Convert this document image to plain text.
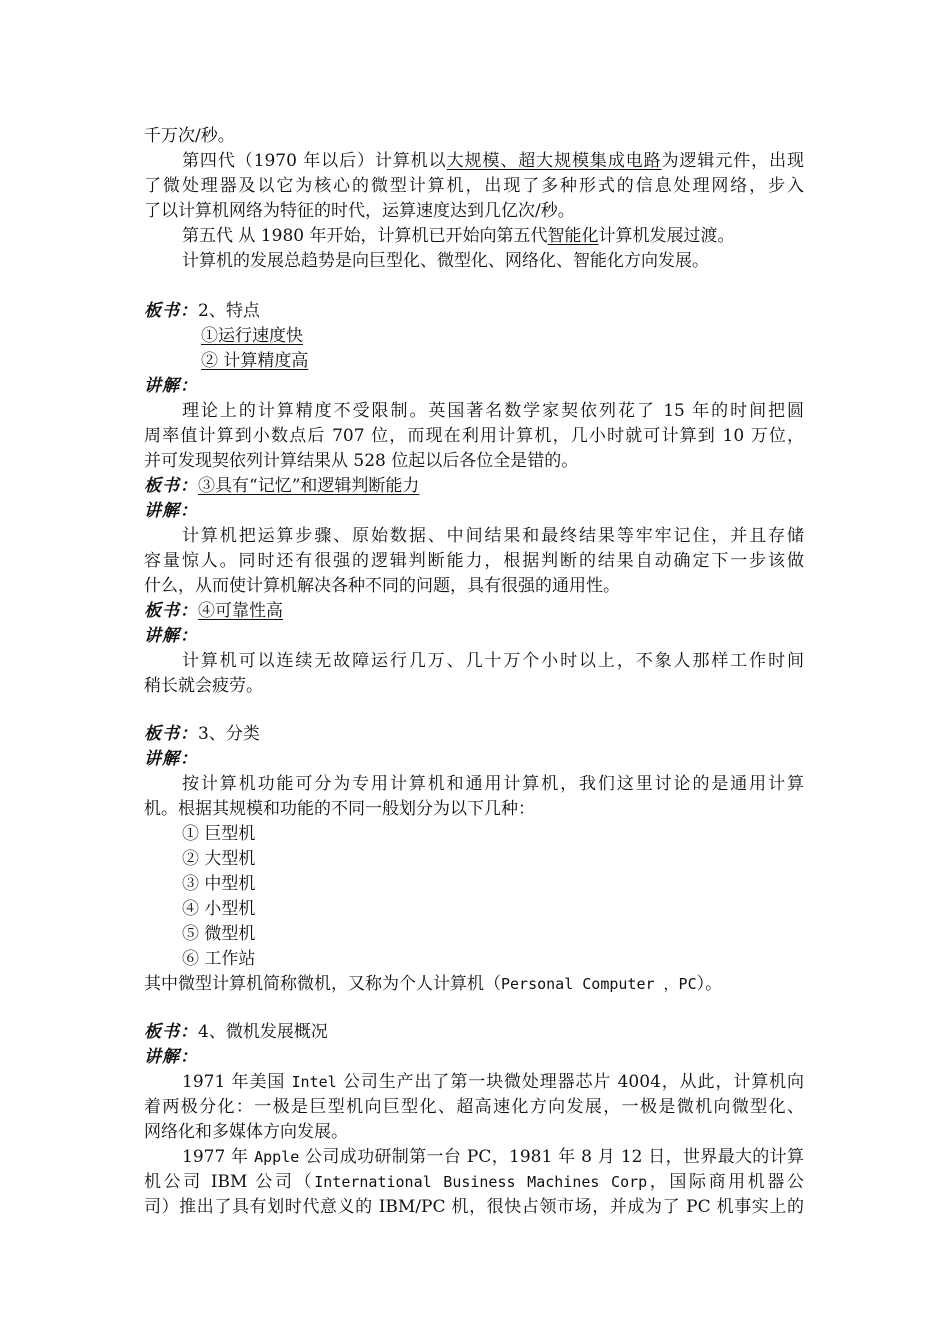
千万次/秒。
第四代（1970 年以后）计算机以大规模、超大规模集成电路为逻辑元件，出现
了微处理器及以它为核心的微型计算机，出现了多种形式的信息处理网络，步入
了以计算机网络为特征的时代，运算速度达到几亿次/秒。
第五代 从 1980 年开始，计算机已开始向第五代智能化计算机发展过渡。
计算机的发展总趋势是向巨型化、微型化、网络化、智能化方向发展。
板书：2、特点
①运行速度快
② 计算精度高
讲解：
理论上的计算精度不受限制。英国著名数学家契依列花了 15 年的时间把圆
周率值计算到小数点后 707 位，而现在利用计算机，几小时就可计算到 10 万位，
并可发现契依列计算结果从 528 位起以后各位全是错的。
板书：③具有“记忆”和逻辑判断能力
讲解：
计算机把运算步骤、原始数据、中间结果和最终结果等牢牢记住，并且存储
容量惊人。同时还有很强的逻辑判断能力，根据判断的结果自动确定下一步该做
什么，从而使计算机解决各种不同的问题，具有很强的通用性。
板书：④可靠性高
讲解：
计算机可以连续无故障运行几万、几十万个小时以上，不象人那样工作时间
稍长就会疲劳。
板书：3、分类
讲解：
按计算机功能可分为专用计算机和通用计算机，我们这里讨论的是通用计算
机。根据其规模和功能的不同一般划分为以下几种：
① 巨型机
② 大型机
③ 中型机
④ 小型机
⑤ 微型机
⑥ 工作站
其中微型计算机简称微机，又称为个人计算机（Personal Computer ，PC）。
板书：4、微机发展概况
讲解：
1971 年美国 Intel 公司生产出了第一块微处理器芯片 4004，从此，计算机向
着两极分化：一极是巨型机向巨型化、超高速化方向发展，一极是微机向微型化、
网络化和多媒体方向发展。
1977 年 Apple 公司成功研制第一台 PC，1981 年 8 月 12 日，世界最大的计算
机公司 IBM 公司（International Business Machines Corp，国际商用机器公
司）推出了具有划时代意义的 IBM/PC 机，很快占领市场，并成为了 PC 机事实上的
